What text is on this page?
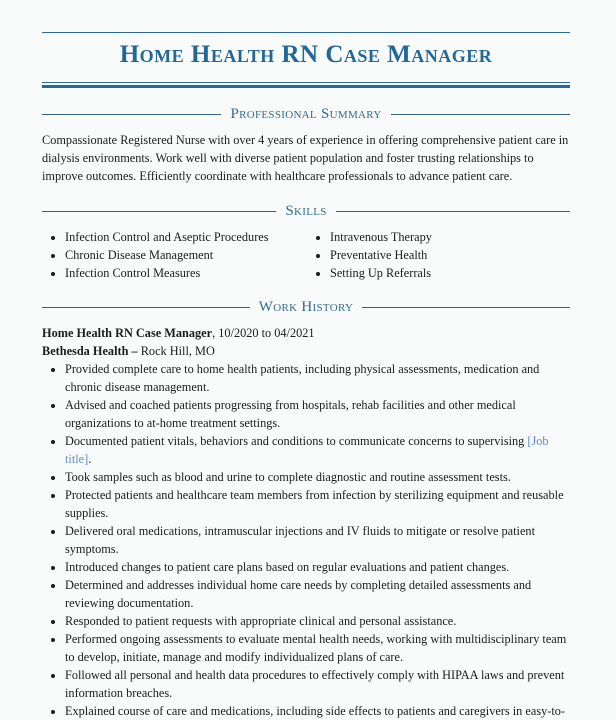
Home Health RN Case Manager
Professional Summary

Compassionate Registered Nurse with over 4 years of experience in offering comprehensive patient care in dialysis environments. Work well with diverse patient population and foster trusting relationships to improve outcomes. Efficiently coordinate with healthcare professionals to advance patient care.

Skills
• Infection Control and Aseptic Procedures
• Chronic Disease Management
• Infection Control Measures
• Intravenous Therapy
• Preventative Health
• Setting Up Referrals
Work History

Home Health RN Case Manager, 10/2020 to 04/2021

Bethesda Health – Rock Hill, MO

• Provided complete care to home health patients, including physical assessments, medication and chronic disease management.
• Advised and coached patients progressing from hospitals, rehab facilities and other medical organizations to at-home treatment settings.
• Documented patient vitals, behaviors and conditions to communicate concerns to supervising [Job title].
• Took samples such as blood and urine to complete diagnostic and routine assessment tests.
• Protected patients and healthcare team members from infection by sterilizing equipment and reusable supplies.
• Delivered oral medications, intramuscular injections and IV fluids to mitigate or resolve patient symptoms.
• Introduced changes to patient care plans based on regular evaluations and patient changes.
• Determined and addresses individual home care needs by completing detailed assessments and reviewing documentation.
• Responded to patient requests with appropriate clinical and personal assistance.
• Performed ongoing assessments to evaluate mental health needs, working with multidisciplinary team to develop, initiate, manage and modify individualized plans of care.
• Followed all personal and health data procedures to effectively comply with HIPAA laws and prevent information breaches.
• Explained course of care and medications, including side effects to patients and caregivers in easy-to-
